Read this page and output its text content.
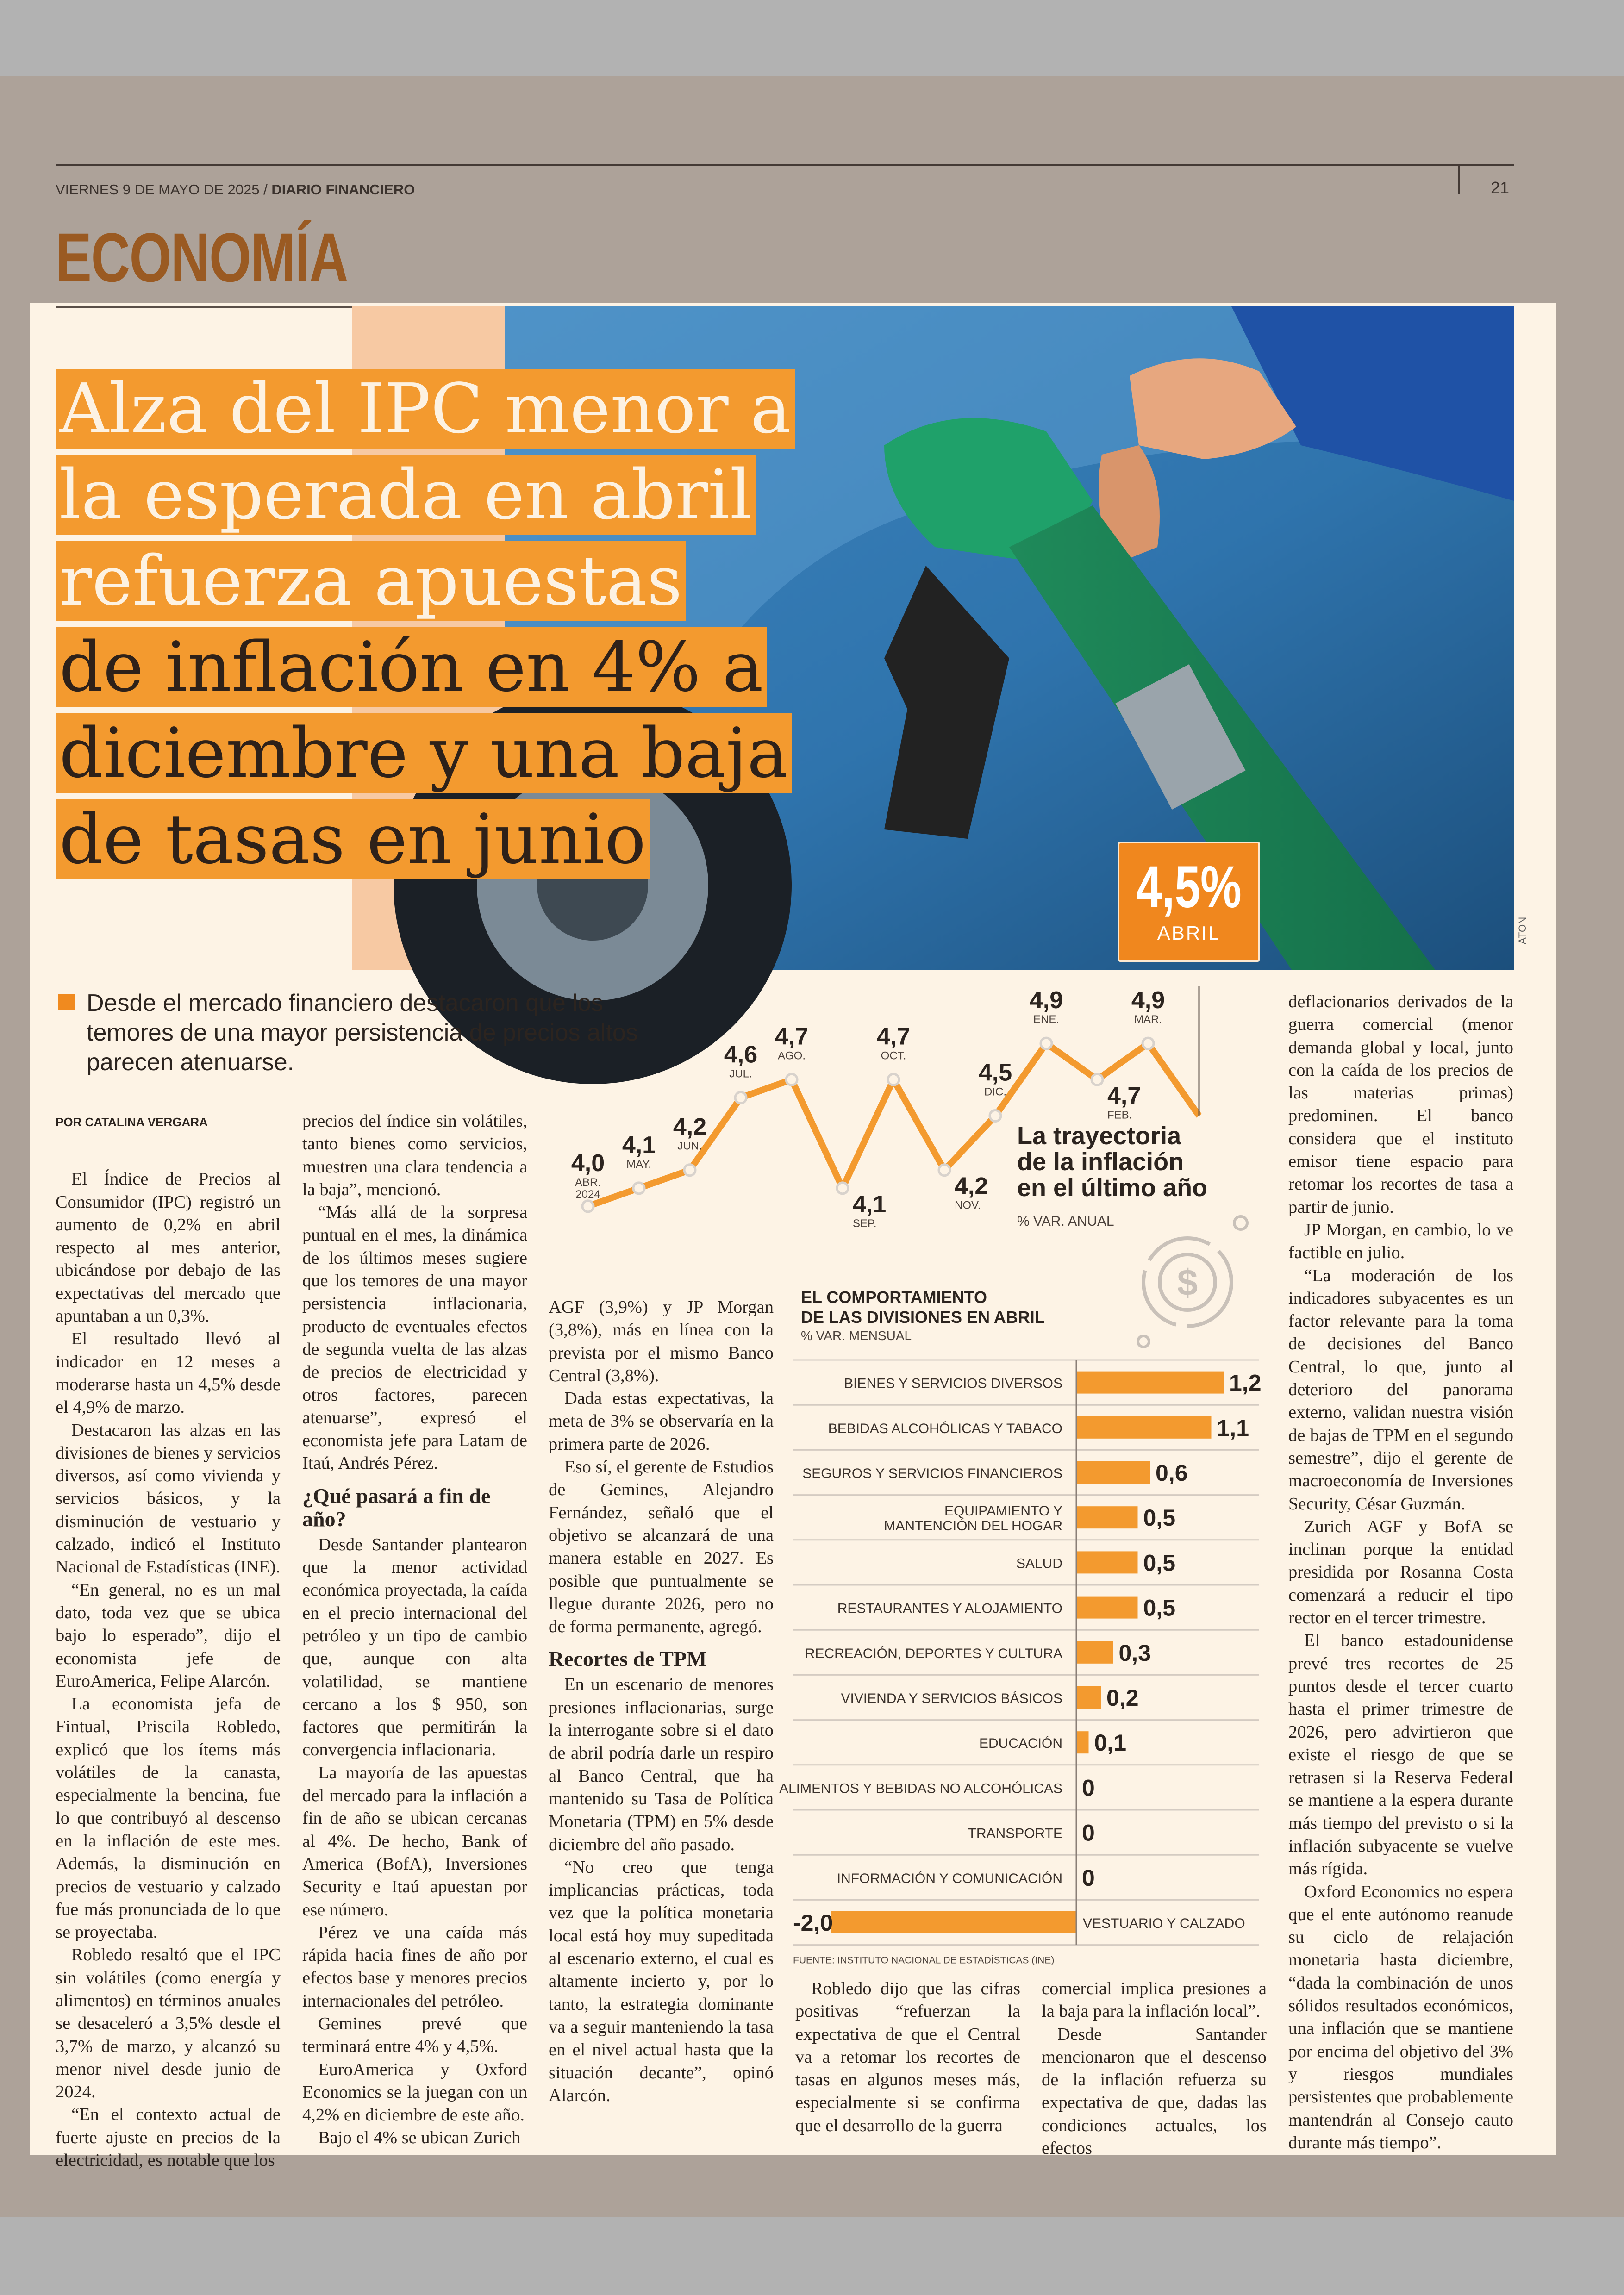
VIERNES 9 DE MAYO DE 2025 / DIARIO FINANCIERO	21
ECONOMÍA
ATON
Alza del IPC menor a
la esperada en abril
refuerza apuestas
de inflación en 4% a
diciembre y una baja
de tasas en junio
4,5%
ABRIL
Desde el mercado financiero destacaron que los temores de una mayor persistencia de precios altos parecen atenuarse.
POR CATALINA VERGARA

El Índice de Precios al Consumidor (IPC) registró un aumento de 0,2% en abril respecto al mes anterior, ubicándose por debajo de las expectativas del mercado que apuntaban a un 0,3%.

El resultado llevó al indicador en 12 meses a moderarse hasta un 4,5% desde el 4,9% de marzo.

Destacaron las alzas en las divisiones de bienes y servicios diversos, así como vivienda y servicios básicos, y la disminución de vestuario y calzado, indicó el Instituto Nacional de Estadísticas (INE).

“En general, no es un mal dato, toda vez que se ubica bajo lo esperado”, dijo el economista jefe de EuroAmerica, Felipe Alarcón.

La economista jefa de Fintual, Priscila Robledo, explicó que los ítems más volátiles de la canasta, especialmente la bencina, fue lo que contribuyó al descenso en la inflación de este mes. Además, la disminución en precios de vestuario y calzado fue más pronunciada de lo que se proyectaba.

Robledo resaltó que el IPC sin volátiles (como energía y alimentos) en términos anuales se desaceleró a 3,5% desde el 3,7% de marzo, y alcanzó su menor nivel desde junio de 2024.

“En el contexto actual de fuerte ajuste en precios de la electricidad, es notable que los

precios del índice sin volátiles, tanto bienes como servicios, muestren una clara tendencia a la baja”, mencionó.

“Más allá de la sorpresa puntual en el mes, la dinámica de los últimos meses sugiere que los temores de una mayor persistencia inflacionaria, producto de eventuales efectos de segunda vuelta de las alzas de precios de electricidad y otros factores, parecen atenuarse”, expresó el economista jefe para Latam de Itaú, Andrés Pérez.

¿Qué pasará a fin de año?

Desde Santander plantearon que la menor actividad económica proyectada, la caída en el precio internacional del petróleo y un tipo de cambio que, aunque con alta volatilidad, se mantiene cercano a los $ 950, son factores que permitirán la convergencia inflacionaria.

La mayoría de las apuestas del mercado para la inflación a fin de año se ubican cercanas al 4%. De hecho, Bank of America (BofA), Inversiones Security e Itaú apuestan por ese número.

Pérez ve una caída más rápida hacia fines de año por efectos base y menores precios internacionales del petróleo.

Gemines prevé que terminará entre 4% y 4,5%.

EuroAmerica y Oxford Economics se la juegan con un 4,2% en diciembre de este año.

Bajo el 4% se ubican Zurich

AGF (3,9%) y JP Morgan (3,8%), más en línea con la prevista por el mismo Banco Central (3,8%).

Dada estas expectativas, la meta de 3% se observaría en la primera parte de 2026.

Eso sí, el gerente de Estudios de Gemines, Alejandro Fernández, señaló que el objetivo se alcanzará de una manera estable en 2027. Es posible que puntualmente se llegue durante 2026, pero no de forma permanente, agregó.

Recortes de TPM

En un escenario de menores presiones inflacionarias, surge la interrogante sobre si el dato de abril podría darle un respiro al Banco Central, que ha mantenido su Tasa de Política Monetaria (TPM) en 5% desde diciembre del año pasado.

“No creo que tenga implicancias prácticas, toda vez que la política monetaria local está hoy muy supeditada al escenario externo, el cual es altamente incierto y, por lo tanto, la estrategia dominante va a seguir manteniendo la tasa en el nivel actual hasta que la situación decante”, opinó Alarcón.

Robledo dijo que las cifras positivas “refuerzan la expectativa de que el Central va a retomar los recortes de tasas en algunos meses más, especialmente si se confirma que el desarrollo de la guerra

comercial implica presiones a la baja para la inflación local”.

Desde Santander mencionaron que el descenso de la inflación refuerza su expectativa de que, dadas las condiciones actuales, los efectos

deflacionarios derivados de la guerra comercial (menor demanda global y local, junto con la caída de los precios de las materias primas) predominen. El banco considera que el instituto emisor tiene espacio para retomar los recortes de tasa a partir de junio.

JP Morgan, en cambio, lo ve factible en julio.

“La moderación de los indicadores subyacentes es un factor relevante para la toma de decisiones del Banco Central, lo que, junto al deterioro del panorama externo, validan nuestra visión de bajas de TPM en el segundo semestre”, dijo el gerente de macroeconomía de Inversiones Security, César Guzmán.

Zurich AGF y BofA se inclinan porque la entidad presidida por Rosanna Costa comenzará a reducir el tipo rector en el tercer trimestre.

El banco estadounidense prevé tres recortes de 25 puntos desde el tercer cuarto hasta el primer trimestre de 2026, pero advirtieron que existe el riesgo de que se retrasen si la Reserva Federal se mantiene a la espera durante más tiempo del previsto o si la inflación subyacente se vuelve más rígida.

Oxford Economics no espera que el ente autónomo reanude su ciclo de relajación monetaria hasta diciembre, “dada la combinación de unos sólidos resultados económicos, una inflación que se mantiene por encima del objetivo del 3% y riesgos mundiales persistentes que probablemente mantendrán al Consejo cauto durante más tiempo”.

4,0
ABR.
2024
4,1
MAY.
4,2
JUN.
4,6
JUL.
4,7
AGO.
4,1
SEP.
4,7
OCT.
4,2
NOV.
4,5
DIC.
4,9
ENE.
4,7
FEB.
4,9
MAR.
La trayectoria
de la inflación
en el último año
% VAR. ANUAL
$
EL COMPORTAMIENTO
DE LAS DIVISIONES EN ABRIL
% VAR. MENSUAL
BIENES Y SERVICIOS DIVERSOS	1,2
BEBIDAS ALCOHÓLICAS Y TABACO	1,1
SEGUROS Y SERVICIOS FINANCIEROS	0,6
EQUIPAMIENTO Y
MANTENCIÓN DEL HOGAR	0,5
SALUD	0,5
RESTAURANTES Y ALOJAMIENTO	0,5
RECREACIÓN, DEPORTES Y CULTURA 0,3
VIVIENDA Y SERVICIOS BÁSICOS 0,2
EDUCACIÓN 0,1
ALIMENTOS Y BEBIDAS NO ALCOHÓLICAS 0
TRANSPORTE 0
INFORMACIÓN Y COMUNICACIÓN 0
VESTUARIO Y CALZADO
-2,0
FUENTE: INSTITUTO NACIONAL DE ESTADÍSTICAS (INE)
